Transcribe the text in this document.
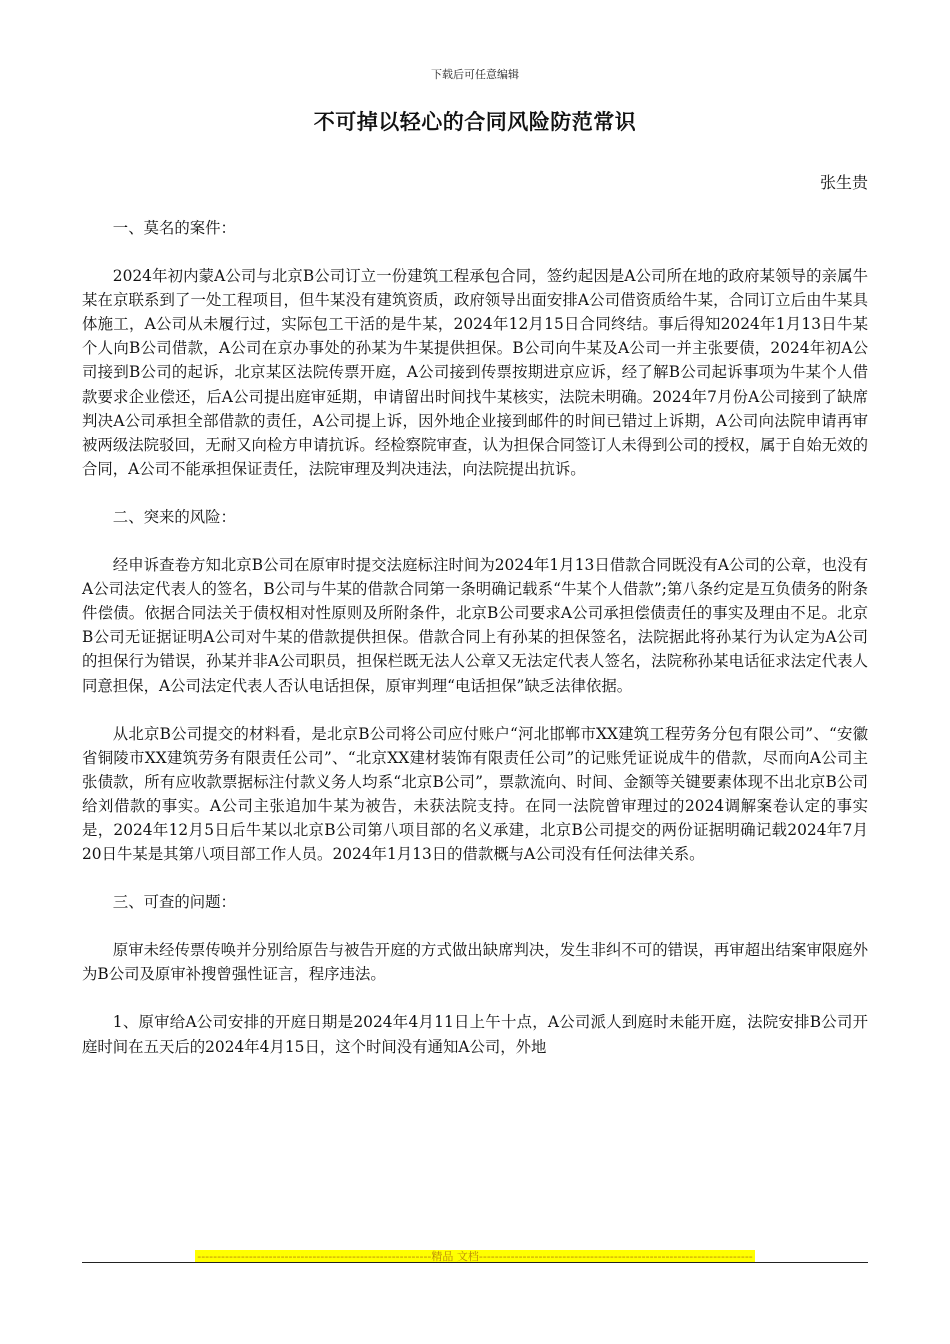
下载后可任意编辑
不可掉以轻心的合同风险防范常识
张生贵

一、莫名的案件：

2024年初内蒙A公司与北京B公司订立一份建筑工程承包合同，签约起因是A公司所在地的政府某领导的亲属牛某在京联系到了一处工程项目，但牛某没有建筑资质，政府领导出面安排A公司借资质给牛某，合同订立后由牛某具体施工，A公司从未履行过，实际包工干活的是牛某，2024年12月15日合同终结。事后得知2024年1月13日牛某个人向B公司借款，A公司在京办事处的孙某为牛某提供担保。B公司向牛某及A公司一并主张要债，2024年初A公司接到B公司的起诉，北京某区法院传票开庭，A公司接到传票按期进京应诉，经了解B公司起诉事项为牛某个人借款要求企业偿还，后A公司提出庭审延期，申请留出时间找牛某核实，法院未明确。2024年7月份A公司接到了缺席判决A公司承担全部借款的责任，A公司提上诉，因外地企业接到邮件的时间已错过上诉期，A公司向法院申请再审被两级法院驳回，无耐又向检方申请抗诉。经检察院审查，认为担保合同签订人未得到公司的授权，属于自始无效的合同，A公司不能承担保证责任，法院审理及判决违法，向法院提出抗诉。

二、突来的风险：

经申诉查卷方知北京B公司在原审时提交法庭标注时间为2024年1月13日借款合同既没有A公司的公章，也没有A公司法定代表人的签名，B公司与牛某的借款合同第一条明确记载系“牛某个人借款”;第八条约定是互负债务的附条件偿债。依据合同法关于债权相对性原则及所附条件，北京B公司要求A公司承担偿债责任的事实及理由不足。北京B公司无证据证明A公司对牛某的借款提供担保。借款合同上有孙某的担保签名，法院据此将孙某行为认定为A公司的担保行为错误，孙某并非A公司职员，担保栏既无法人公章又无法定代表人签名，法院称孙某电话征求法定代表人同意担保，A公司法定代表人否认电话担保，原审判理“电话担保”缺乏法律依据。

从北京B公司提交的材料看，是北京B公司将公司应付账户“河北邯郸市XX建筑工程劳务分包有限公司”、“安徽省铜陵市XX建筑劳务有限责任公司”、“北京XX建材装饰有限责任公司”的记账凭证说成牛的借款，尽而向A公司主张债款，所有应收款票据标注付款义务人均系“北京B公司”，票款流向、时间、金额等关键要素体现不出北京B公司给刘借款的事实。A公司主张追加牛某为被告，未获法院支持。在同一法院曾审理过的2024调解案卷认定的事实是，2024年12月5日后牛某以北京B公司第八项目部的名义承建，北京B公司提交的两份证据明确记载2024年7月20日牛某是其第八项目部工作人员。2024年1月13日的借款概与A公司没有任何法律关系。

三、可查的问题：

原审未经传票传唤并分别给原告与被告开庭的方式做出缺席判决，发生非纠不可的错误，再审超出结案审限庭外为B公司及原审补搜曾强性证言，程序违法。

1、原审给A公司安排的开庭日期是2024年4月11日上午十点，A公司派人到庭时未能开庭，法院安排B公司开庭时间在五天后的2024年4月15日，这个时间没有通知A公司，外地

-----------------------------------------------------------精品 文档---------------------------------------------------------------------
